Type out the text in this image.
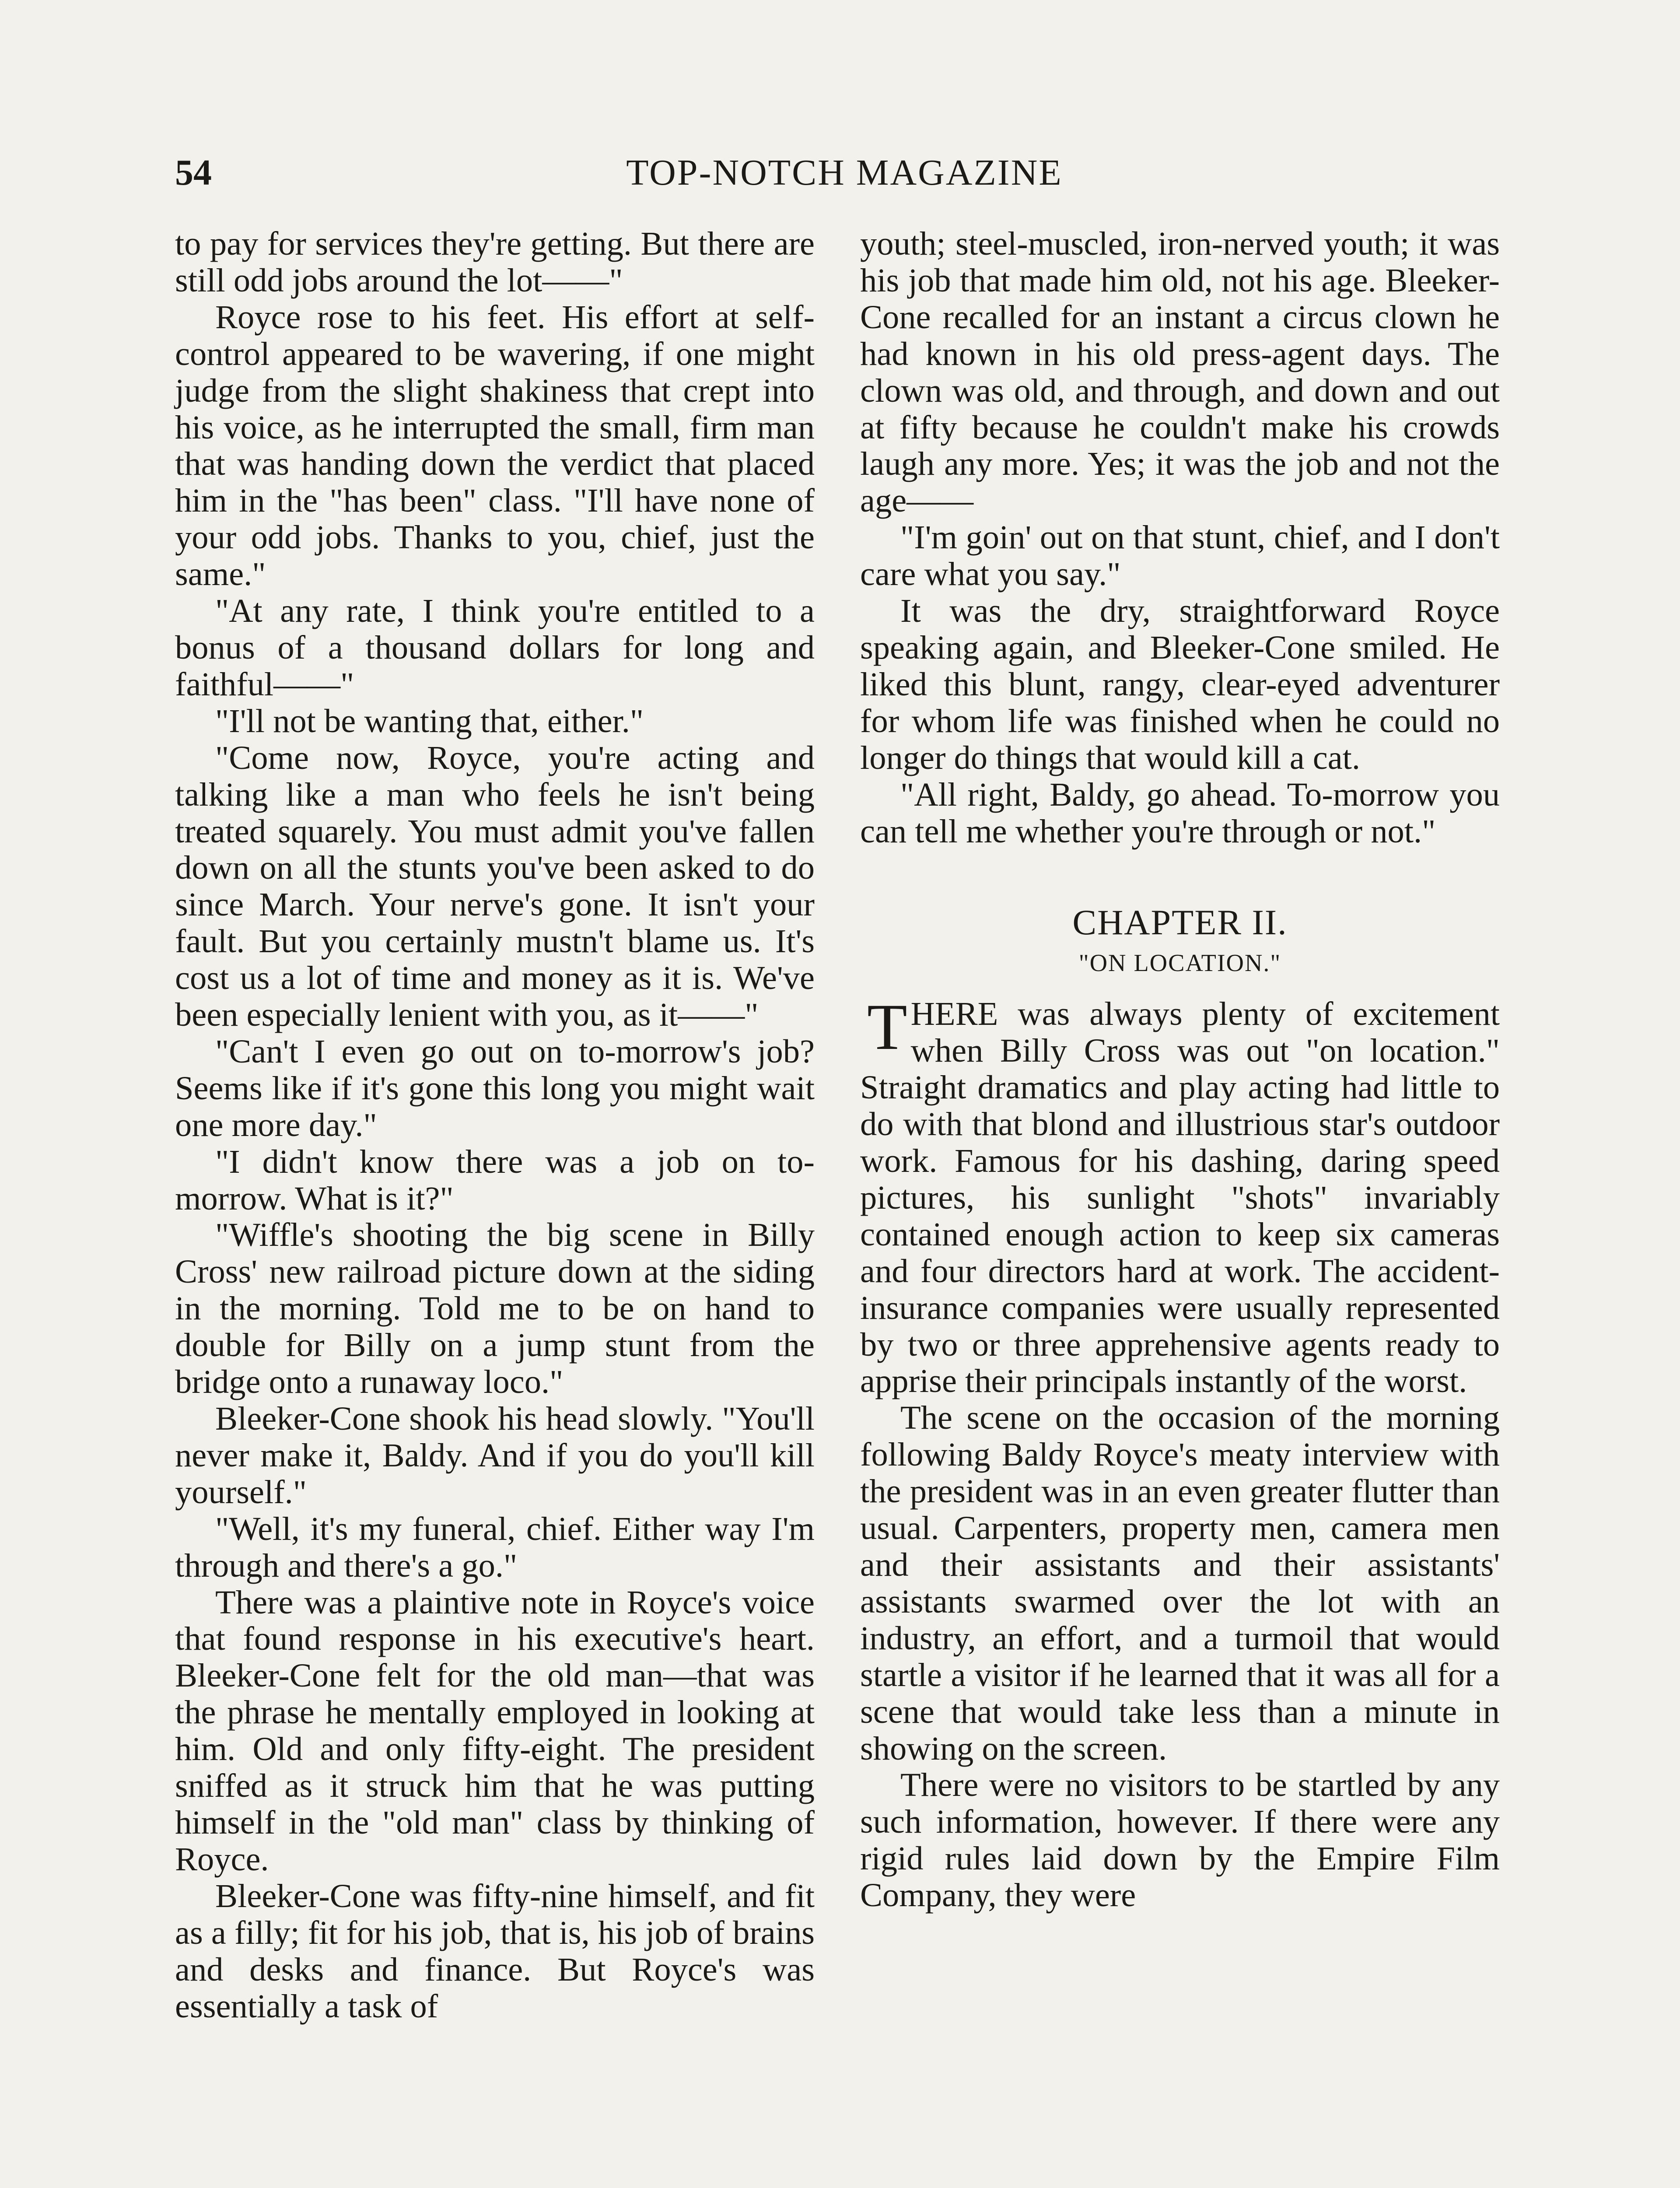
54	TOP-NOTCH MAGAZINE

to pay for services they're getting. But there are still odd jobs around the lot——"

Royce rose to his feet. His effort at self-control appeared to be wavering, if one might judge from the slight shakiness that crept into his voice, as he interrupted the small, firm man that was handing down the verdict that placed him in the "has been" class. "I'll have none of your odd jobs. Thanks to you, chief, just the same."

"At any rate, I think you're entitled to a bonus of a thousand dollars for long and faithful——"

"I'll not be wanting that, either."

"Come now, Royce, you're acting and talking like a man who feels he isn't being treated squarely. You must admit you've fallen down on all the stunts you've been asked to do since March. Your nerve's gone. It isn't your fault. But you certainly mustn't blame us. It's cost us a lot of time and money as it is. We've been especially lenient with you, as it——"

"Can't I even go out on to-morrow's job? Seems like if it's gone this long you might wait one more day."

"I didn't know there was a job on to-morrow. What is it?"

"Wiffle's shooting the big scene in Billy Cross' new railroad picture down at the siding in the morning. Told me to be on hand to double for Billy on a jump stunt from the bridge onto a runaway loco."

Bleeker-Cone shook his head slowly. "You'll never make it, Baldy. And if you do you'll kill yourself."

"Well, it's my funeral, chief. Either way I'm through and there's a go."

There was a plaintive note in Royce's voice that found response in his executive's heart. Bleeker-Cone felt for the old man—that was the phrase he mentally employed in looking at him. Old and only fifty-eight. The president sniffed as it struck him that he was putting himself in the "old man" class by thinking of Royce.

Bleeker-Cone was fifty-nine himself, and fit as a filly; fit for his job, that is, his job of brains and desks and finance. But Royce's was essentially a task of

youth; steel-muscled, iron-nerved youth; it was his job that made him old, not his age. Bleeker-Cone recalled for an instant a circus clown he had known in his old press-agent days. The clown was old, and through, and down and out at fifty because he couldn't make his crowds laugh any more. Yes; it was the job and not the age——

"I'm goin' out on that stunt, chief, and I don't care what you say."

It was the dry, straightforward Royce speaking again, and Bleeker-Cone smiled. He liked this blunt, rangy, clear-eyed adventurer for whom life was finished when he could no longer do things that would kill a cat.

"All right, Baldy, go ahead. To-morrow you can tell me whether you're through or not."

CHAPTER II.
"ON LOCATION."

THERE was always plenty of excitement when Billy Cross was out "on location." Straight dramatics and play acting had little to do with that blond and illustrious star's outdoor work. Famous for his dashing, daring speed pictures, his sunlight "shots" invariably contained enough action to keep six cameras and four directors hard at work. The accident-insurance companies were usually represented by two or three apprehensive agents ready to apprise their principals instantly of the worst.

The scene on the occasion of the morning following Baldy Royce's meaty interview with the president was in an even greater flutter than usual. Carpenters, property men, camera men and their assistants and their assistants' assistants swarmed over the lot with an industry, an effort, and a turmoil that would startle a visitor if he learned that it was all for a scene that would take less than a minute in showing on the screen.

There were no visitors to be startled by any such information, however. If there were any rigid rules laid down by the Empire Film Company, they were
